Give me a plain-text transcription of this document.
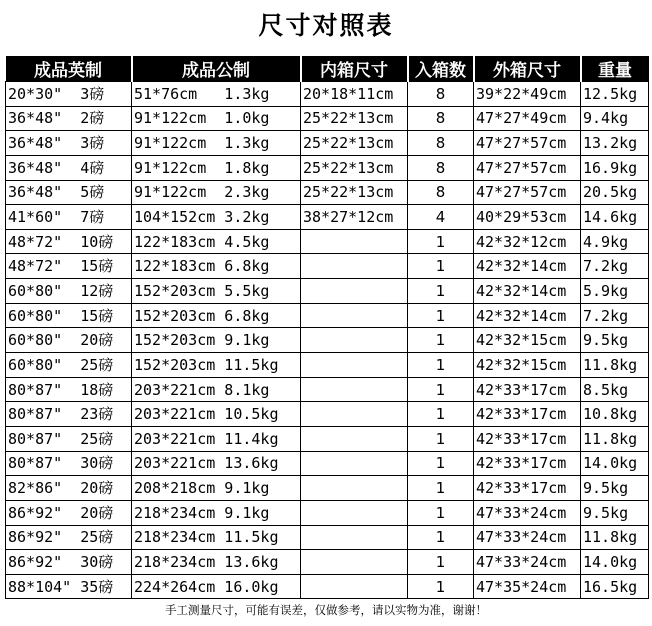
尺寸对照表
成品英制	成品公制	内箱尺寸	入箱数	外箱尺寸	重量
20*30"  3磅	51*76cm   1.3kg	20*18*11cm	8	39*22*49cm	12.5kg
36*48"  2磅	91*122cm  1.0kg	25*22*13cm	8	47*27*49cm	9.4kg
36*48"  3磅	91*122cm  1.3kg	25*22*13cm	8	47*27*57cm	13.2kg
36*48"  4磅	91*122cm  1.8kg	25*22*13cm	8	47*27*57cm	16.9kg
36*48"  5磅	91*122cm  2.3kg	25*22*13cm	8	47*27*57cm	20.5kg
41*60"  7磅	104*152cm 3.2kg	38*27*12cm	4	40*29*53cm	14.6kg
48*72"  10磅	122*183cm 4.5kg		1	42*32*12cm	4.9kg
48*72"  15磅	122*183cm 6.8kg		1	42*32*14cm	7.2kg
60*80"  12磅	152*203cm 5.5kg		1	42*32*14cm	5.9kg
60*80"  15磅	152*203cm 6.8kg		1	42*32*14cm	7.2kg
60*80"  20磅	152*203cm 9.1kg		1	42*32*15cm	9.5kg
60*80"  25磅	152*203cm 11.5kg		1	42*32*15cm	11.8kg
80*87"  18磅	203*221cm 8.1kg		1	42*33*17cm	8.5kg
80*87"  23磅	203*221cm 10.5kg		1	42*33*17cm	10.8kg
80*87"  25磅	203*221cm 11.4kg		1	42*33*17cm	11.8kg
80*87"  30磅	203*221cm 13.6kg		1	42*33*17cm	14.0kg
82*86"  20磅	208*218cm 9.1kg		1	42*33*17cm	9.5kg
86*92"  20磅	218*234cm 9.1kg		1	47*33*24cm	9.5kg
86*92"  25磅	218*234cm 11.5kg		1	47*33*24cm	11.8kg
86*92"  30磅	218*234cm 13.6kg		1	47*33*24cm	14.0kg
88*104" 35磅	224*264cm 16.0kg		1	47*35*24cm	16.5kg
手工测量尺寸，可能有误差，仅做参考，请以实物为准，谢谢！
